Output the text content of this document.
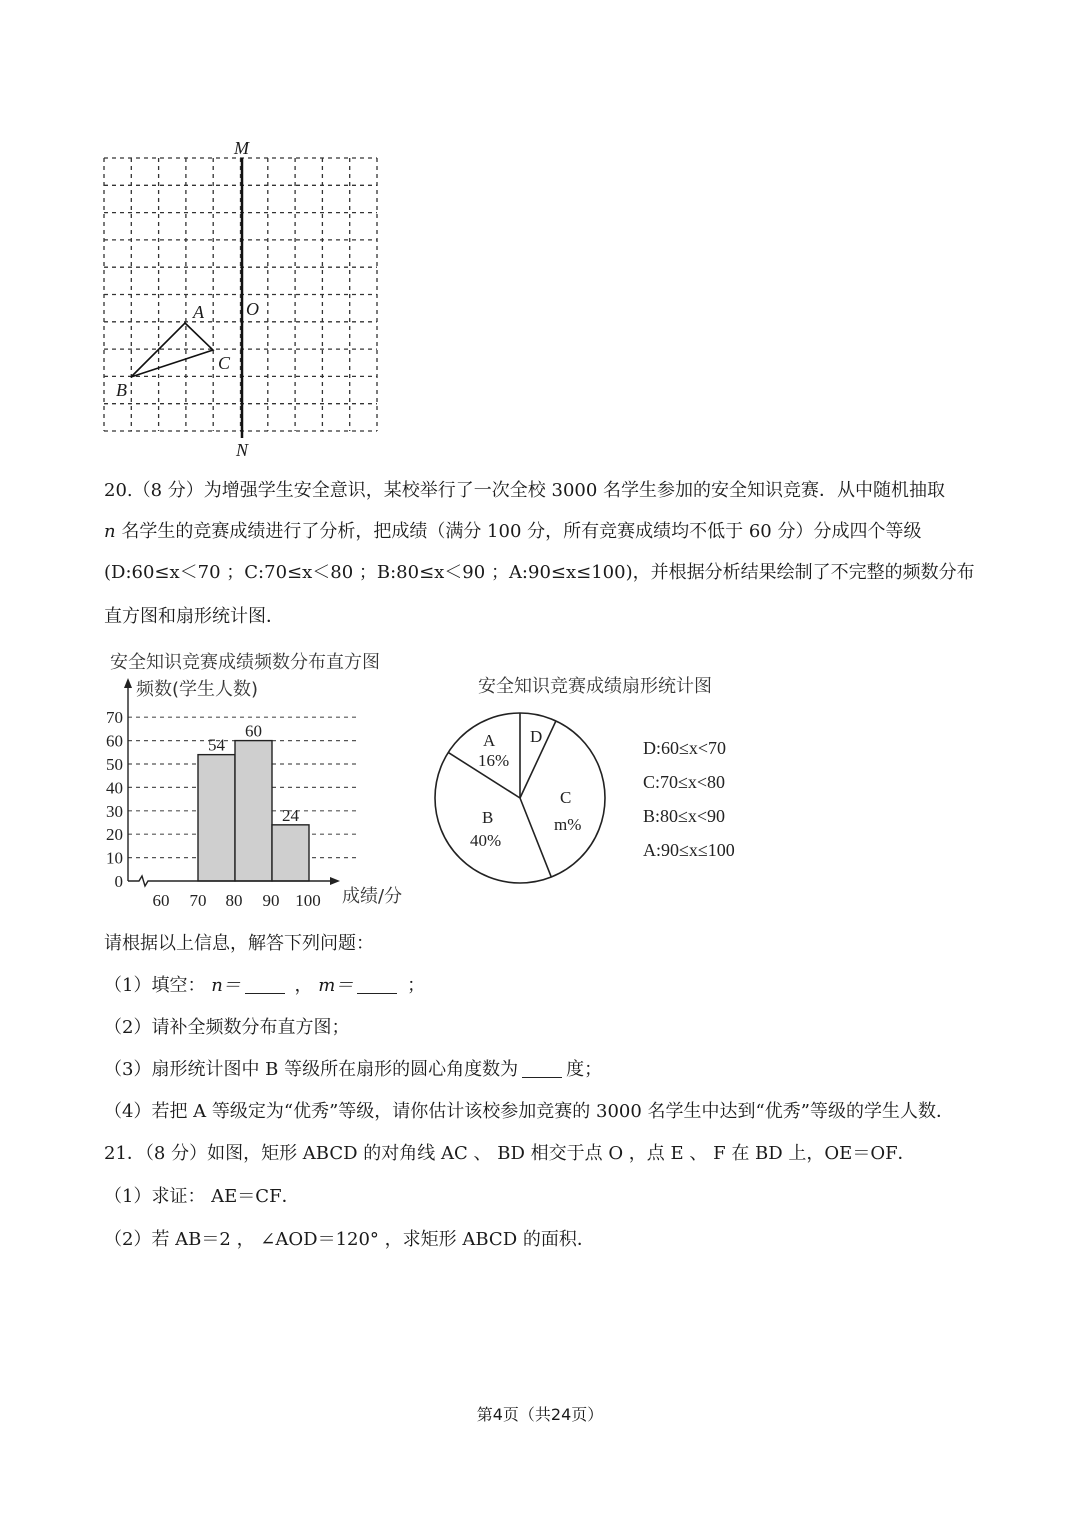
M
N
O
A
B
C
20.（8 分）为增强学生安全意识，某校举行了一次全校 3000 名学生参加的安全知识竞赛．从中随机抽取
n 名学生的竞赛成绩进行了分析，把成绩（满分 100 分，所有竞赛成绩均不低于 60 分）分成四个等级
(D:60≤x＜70 ；C:70≤x＜80 ；B:80≤x＜90 ；A:90≤x≤100)，并根据分析结果绘制了不完整的频数分布
直方图和扇形统计图．
安全知识竞赛成绩频数分布直方图
频数(学生人数)
成绩/分
70
60
50
40
30
20
10
0
60 70 80 90 100
54
60
24
安全知识竞赛成绩扇形统计图
A
16%
D
C
m%
B
40%
D:60≤x<70
C:70≤x<80
B:80≤x<90
A:90≤x≤100
请根据以上信息，解答下列问题：
（1）填空： n＝	， m＝	；
（2）请补全频数分布直方图；
（3）扇形统计图中 B 等级所在扇形的圆心角度数为	度；
（4）若把 A 等级定为“优秀”等级，请你估计该校参加竞赛的 3000 名学生中达到“优秀”等级的学生人数．
21．（8 分）如图，矩形 ABCD 的对角线 AC 、 BD 相交于点 O ，点 E 、 F 在 BD 上，OE＝OF．
（1）求证： AE＝CF．
（2）若 AB＝2 ， ∠AOD＝120° ，求矩形 ABCD 的面积．
第4页（共24页）
